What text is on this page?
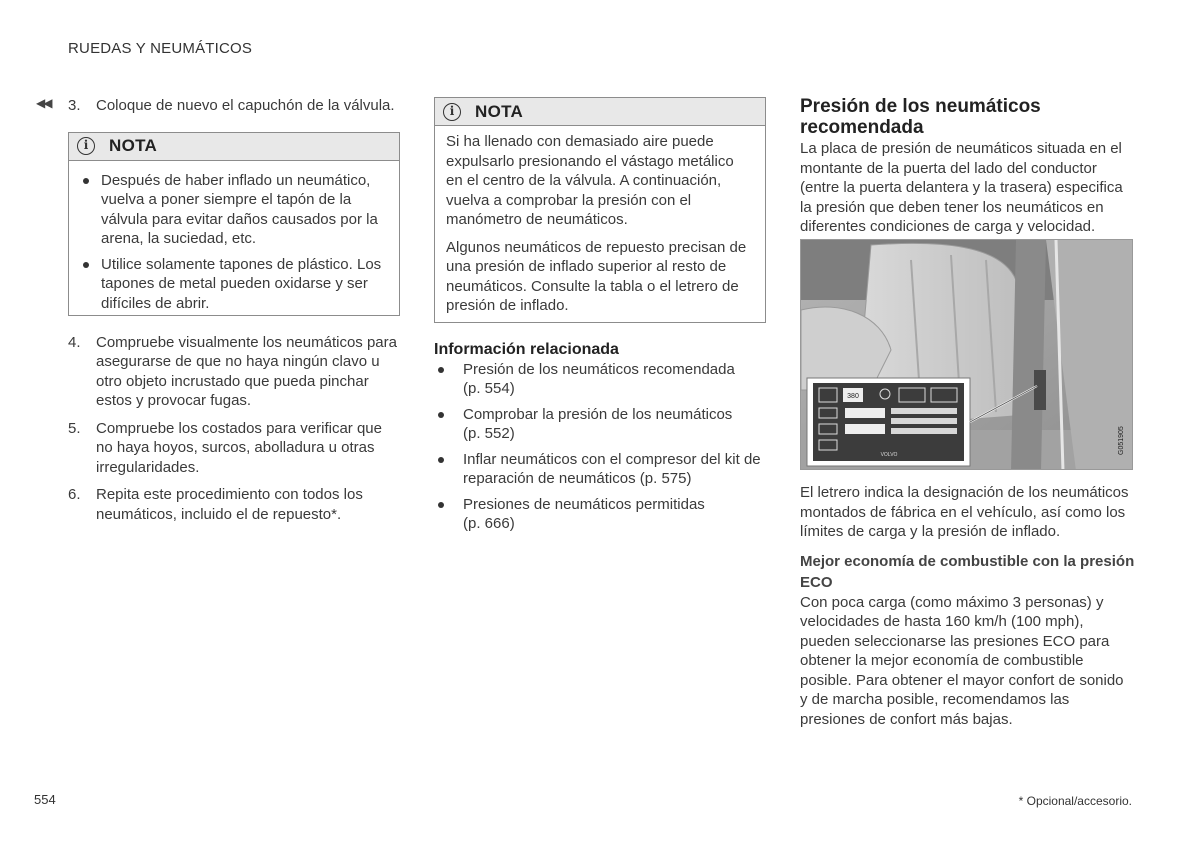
RUEDAS Y NEUMÁTICOS
◀◀ 3.	Coloque de nuevo el capuchón de la válvula.
i	NOTA
Después de haber inflado un neumático, vuelva a poner siempre el tapón de la válvula para evitar daños causados por la arena, la suciedad, etc.
Utilice solamente tapones de plástico. Los tapones de metal pueden oxidarse y ser difíciles de abrir.
4.	Compruebe visualmente los neumáticos para asegurarse de que no haya ningún clavo u otro objeto incrustado que pueda pinchar estos y provocar fugas.
5.	Compruebe los costados para verificar que no haya hoyos, surcos, abolladura u otras irregularidades.
6.	Repita este procedimiento con todos los neumáticos, incluido el de repuesto*.
i	NOTA

Si ha llenado con demasiado aire puede expulsarlo presionando el vástago metálico en el centro de la válvula. A continuación, vuelva a comprobar la presión con el manómetro de neumáticos.

Algunos neumáticos de repuesto precisan de una presión de inflado superior al resto de neumáticos. Consulte la tabla o el letrero de presión de inflado.

Información relacionada
Presión de los neumáticos recomendada
(p. 554)
Comprobar la presión de los neumáticos
(p. 552)
Inflar neumáticos con el compresor del kit de reparación de neumáticos (p. 575)
Presiones de neumáticos permitidas
(p. 666)
Presión de los neumáticos recomendada

La placa de presión de neumáticos situada en el montante de la puerta del lado del conductor (entre la puerta delantera y la trasera) especifica la presión que deben tener los neumáticos en diferentes condiciones de carga y velocidad.

380
VOLVO	G051905

El letrero indica la designación de los neumáticos montados de fábrica en el vehículo, así como los límites de carga y la presión de inflado.

Mejor economía de combustible con la presión ECO

Con poca carga (como máximo 3 personas) y velocidades de hasta 160 km/h (100 mph), pueden seleccionarse las presiones ECO para obtener la mejor economía de combustible posible. Para obtener el mayor confort de sonido y de marcha posible, recomendamos las presiones de confort más bajas.

554	* Opcional/accesorio.
